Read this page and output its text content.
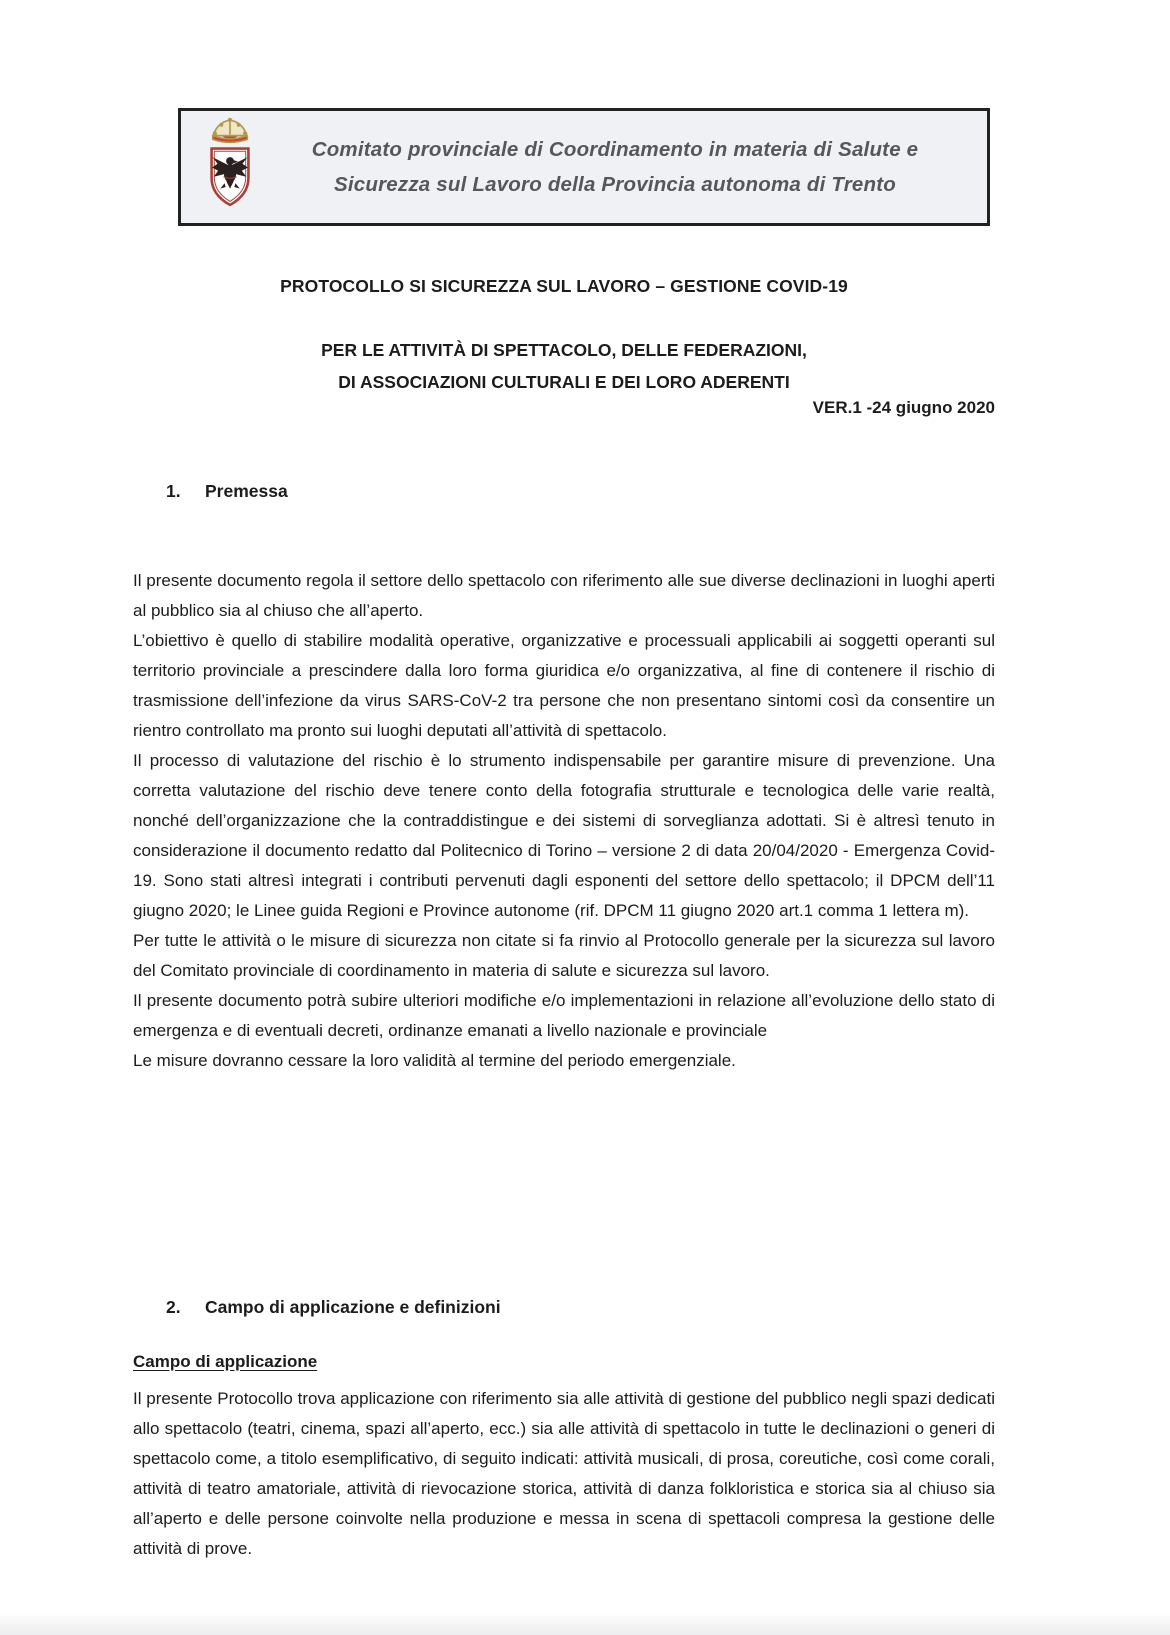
Comitato provinciale di Coordinamento in materia di Salute e
Sicurezza sul Lavoro della Provincia autonoma di Trento
PROTOCOLLO SI SICUREZZA SUL LAVORO – GESTIONE COVID-19
PER LE ATTIVITÀ DI SPETTACOLO, DELLE FEDERAZIONI,
DI ASSOCIAZIONI CULTURALI E DEI LORO ADERENTI
VER.1 -24 giugno 2020
1.	Premessa

Il presente documento regola il settore dello spettacolo con riferimento alle sue diverse declinazioni in luoghi aperti al pubblico sia al chiuso che all’aperto.

L’obiettivo è quello di stabilire modalità operative, organizzative e processuali applicabili ai soggetti operanti sul territorio provinciale a prescindere dalla loro forma giuridica e/o organizzativa, al fine di contenere il rischio di trasmissione dell’infezione da virus SARS-CoV-2 tra persone che non presentano sintomi così da consentire un rientro controllato ma pronto sui luoghi deputati all’attività di spettacolo.

Il processo di valutazione del rischio è lo strumento indispensabile per garantire misure di prevenzione. Una corretta valutazione del rischio deve tenere conto della fotografia strutturale e tecnologica delle varie realtà, nonché dell’organizzazione che la contraddistingue e dei sistemi di sorveglianza adottati. Si è altresì tenuto in considerazione il documento redatto dal Politecnico di Torino – versione 2 di data 20/04/2020 - Emergenza Covid-19. Sono stati altresì integrati i contributi pervenuti dagli esponenti del settore dello spettacolo; il DPCM dell’11 giugno 2020; le Linee guida Regioni e Province autonome (rif. DPCM 11 giugno 2020 art.1 comma 1 lettera m).

Per tutte le attività o le misure di sicurezza non citate si fa rinvio al Protocollo generale per la sicurezza sul lavoro del Comitato provinciale di coordinamento in materia di salute e sicurezza sul lavoro.

Il presente documento potrà subire ulteriori modifiche e/o implementazioni in relazione all’evoluzione dello stato di emergenza e di eventuali decreti, ordinanze emanati a livello nazionale e provinciale

Le misure dovranno cessare la loro validità al termine del periodo emergenziale.

2.	Campo di applicazione e definizioni
Campo di applicazione

Il presente Protocollo trova applicazione con riferimento sia alle attività di gestione del pubblico negli spazi dedicati allo spettacolo (teatri, cinema, spazi all’aperto, ecc.) sia alle attività di spettacolo in tutte le declinazioni o generi di spettacolo come, a titolo esemplificativo, di seguito indicati: attività musicali, di prosa, coreutiche, così come corali, attività di teatro amatoriale, attività di rievocazione storica, attività di danza folkloristica e storica sia al chiuso sia all’aperto e delle persone coinvolte nella produzione e messa in scena di spettacoli compresa la gestione delle attività di prove.
